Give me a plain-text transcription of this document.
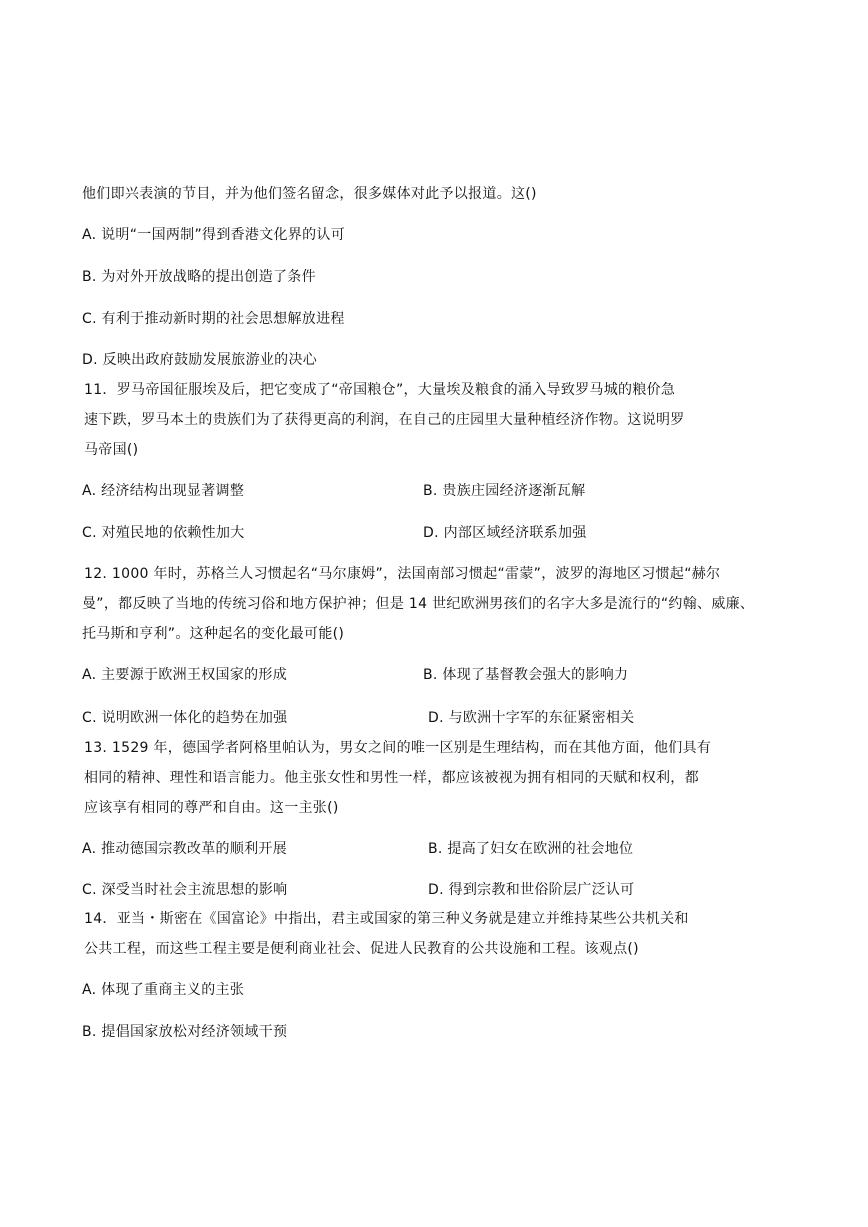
他们即兴表演的节目，并为他们签名留念，很多媒体对此予以报道。这()
A. 说明“一国两制”得到香港文化界的认可
B. 为对外开放战略的提出创造了条件
C. 有利于推动新时期的社会思想解放进程
D. 反映出政府鼓励发展旅游业的决心
11．罗马帝国征服埃及后，把它变成了“帝国粮仓”，大量埃及粮食的涌入导致罗马城的粮价急
速下跌，罗马本土的贵族们为了获得更高的利润，在自己的庄园里大量种植经济作物。这说明罗
马帝国()
A. 经济结构出现显著调整	B. 贵族庄园经济逐渐瓦解
C. 对殖民地的依赖性加大	D. 内部区域经济联系加强
12. 1000 年时，苏格兰人习惯起名“马尔康姆”，法国南部习惯起“雷蒙”，波罗的海地区习惯起“赫尔
曼”，都反映了当地的传统习俗和地方保护神；但是 14 世纪欧洲男孩们的名字大多是流行的“约翰、威廉、
托马斯和亨利”。这种起名的变化最可能()
A. 主要源于欧洲王权国家的形成	B. 体现了基督教会强大的影响力
C. 说明欧洲一体化的趋势在加强	D. 与欧洲十字军的东征紧密相关
13. 1529 年，德国学者阿格里帕认为，男女之间的唯一区别是生理结构，而在其他方面，他们具有
相同的精神、理性和语言能力。他主张女性和男性一样，都应该被视为拥有相同的天赋和权利，都
应该享有相同的尊严和自由。这一主张()
A. 推动德国宗教改革的顺利开展	B. 提高了妇女在欧洲的社会地位
C. 深受当时社会主流思想的影响	D. 得到宗教和世俗阶层广泛认可
14．亚当・斯密在《国富论》中指出，君主或国家的第三种义务就是建立并维持某些公共机关和
公共工程，而这些工程主要是便利商业社会、促进人民教育的公共设施和工程。该观点()
A. 体现了重商主义的主张
B. 提倡国家放松对经济领域干预
